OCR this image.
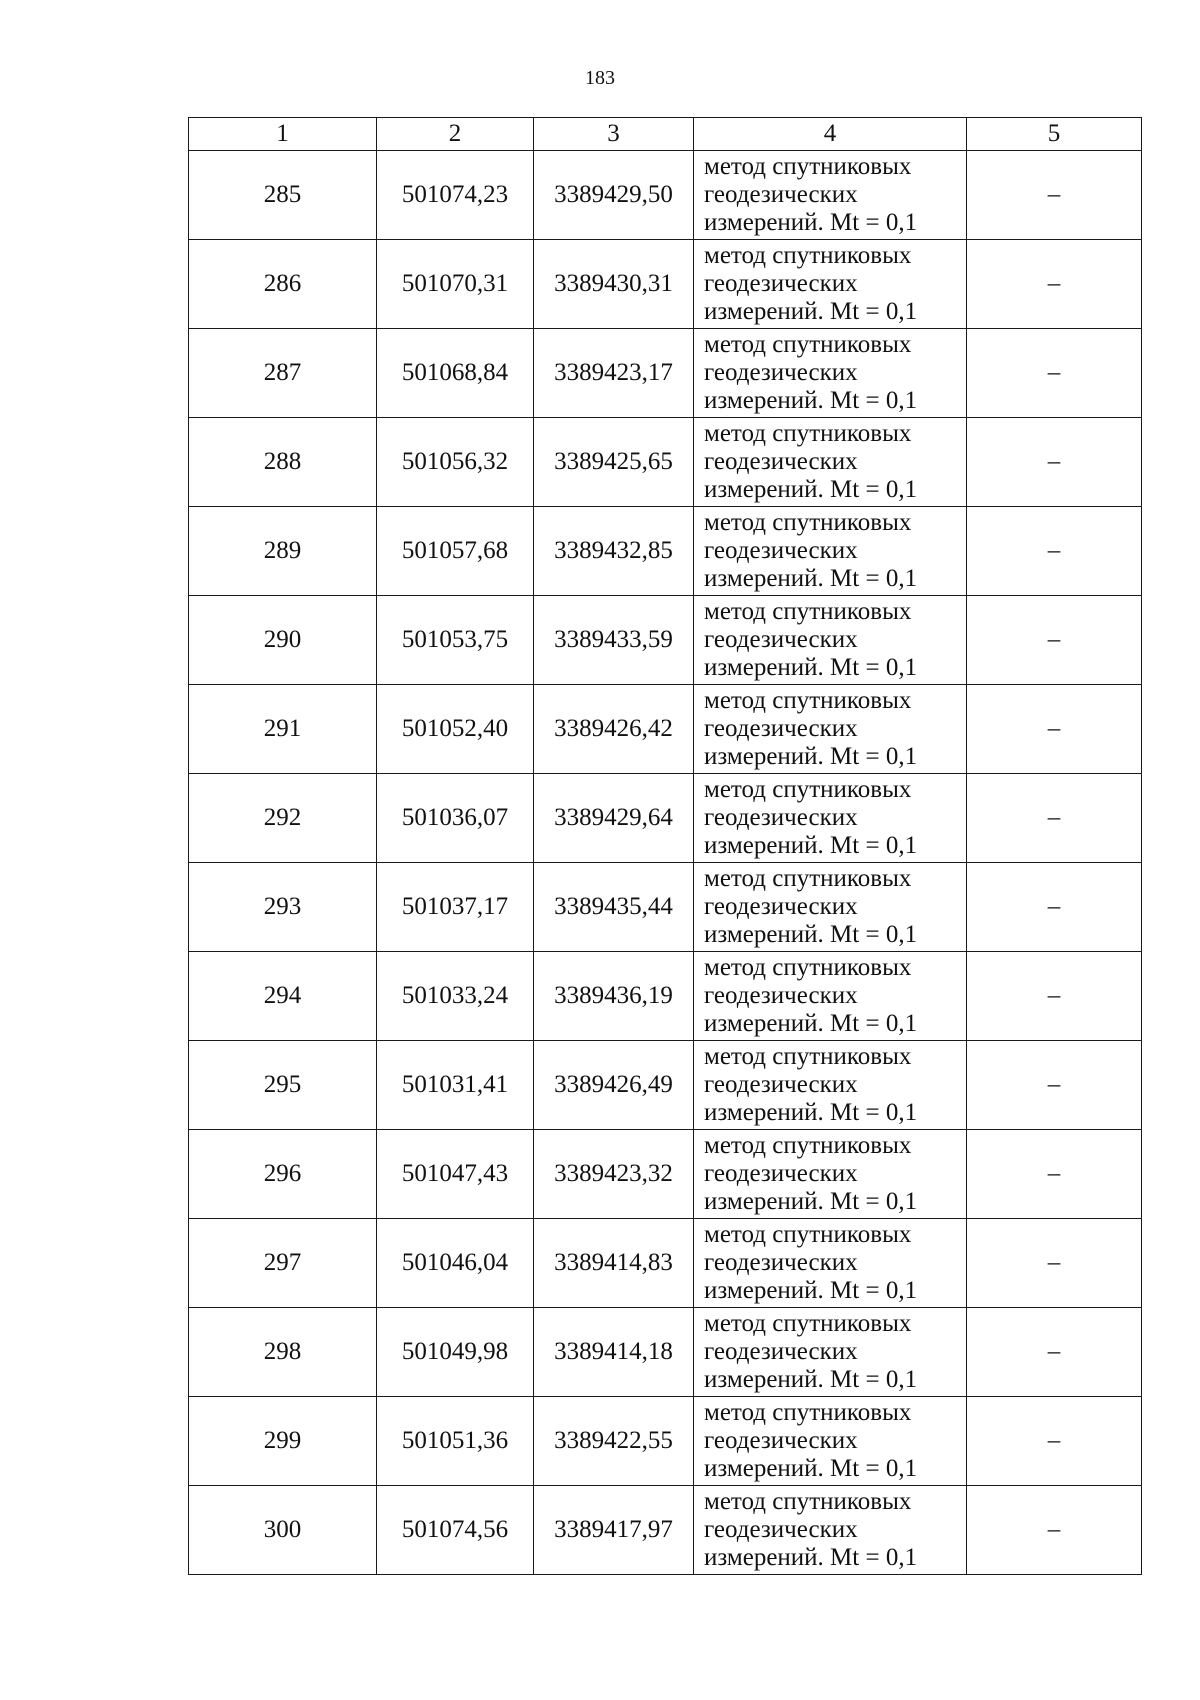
183
1	2	3	4	5
285	501074,23	3389429,50	метод спутниковых
геодезических
измерений. Mt = 0,1	–
286	501070,31	3389430,31	метод спутниковых
геодезических
измерений. Mt = 0,1	–
287	501068,84	3389423,17	метод спутниковых
геодезических
измерений. Mt = 0,1	–
288	501056,32	3389425,65	метод спутниковых
геодезических
измерений. Mt = 0,1	–
289	501057,68	3389432,85	метод спутниковых
геодезических
измерений. Mt = 0,1	–
290	501053,75	3389433,59	метод спутниковых
геодезических
измерений. Mt = 0,1	–
291	501052,40	3389426,42	метод спутниковых
геодезических
измерений. Mt = 0,1	–
292	501036,07	3389429,64	метод спутниковых
геодезических
измерений. Mt = 0,1	–
293	501037,17	3389435,44	метод спутниковых
геодезических
измерений. Mt = 0,1	–
294	501033,24	3389436,19	метод спутниковых
геодезических
измерений. Mt = 0,1	–
295	501031,41	3389426,49	метод спутниковых
геодезических
измерений. Mt = 0,1	–
296	501047,43	3389423,32	метод спутниковых
геодезических
измерений. Mt = 0,1	–
297	501046,04	3389414,83	метод спутниковых
геодезических
измерений. Mt = 0,1	–
298	501049,98	3389414,18	метод спутниковых
геодезических
измерений. Mt = 0,1	–
299	501051,36	3389422,55	метод спутниковых
геодезических
измерений. Mt = 0,1	–
300	501074,56	3389417,97	метод спутниковых
геодезических
измерений. Mt = 0,1	–
